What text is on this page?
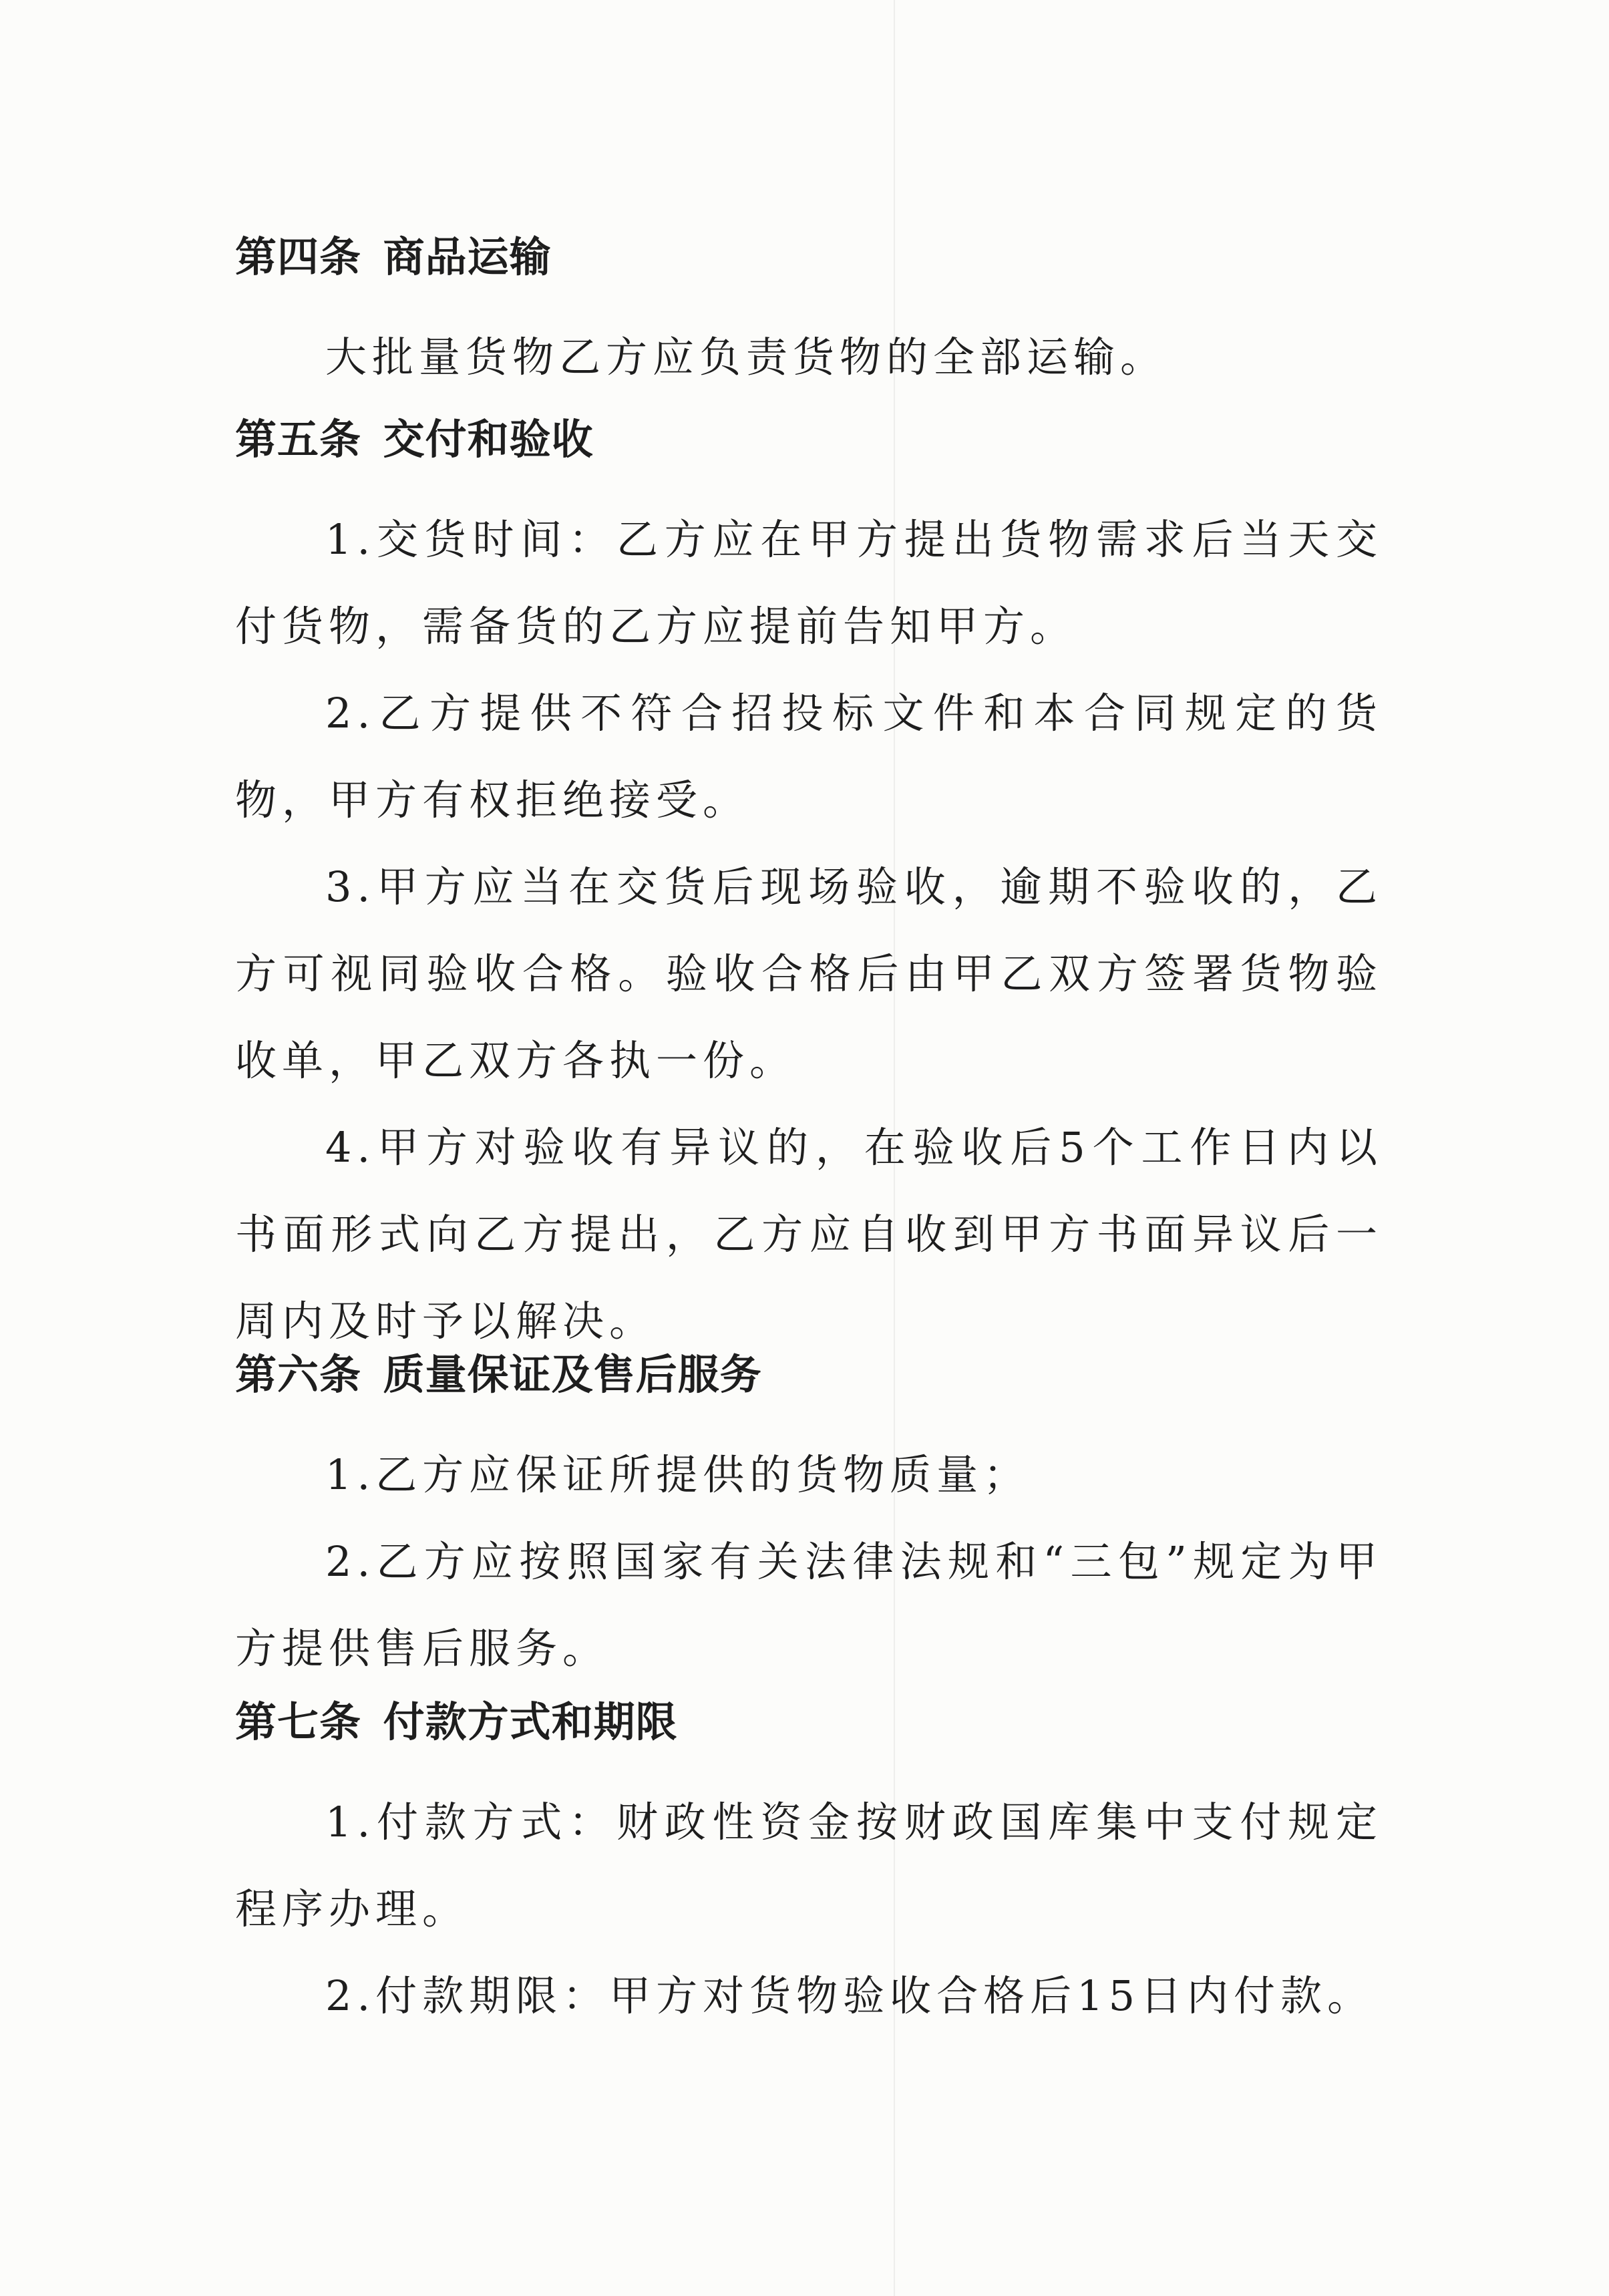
第四条 商品运输

大批量货物乙方应负责货物的全部运输。

第五条 交付和验收

1.交货时间：乙方应在甲方提出货物需求后当天交付货物，需备货的乙方应提前告知甲方。

2.乙方提供不符合招投标文件和本合同规定的货物，甲方有权拒绝接受。

3.甲方应当在交货后现场验收，逾期不验收的，乙方可视同验收合格。验收合格后由甲乙双方签署货物验收单，甲乙双方各执一份。

4.甲方对验收有异议的，在验收后5个工作日内以书面形式向乙方提出，乙方应自收到甲方书面异议后一周内及时予以解决。

第六条 质量保证及售后服务

1.乙方应保证所提供的货物质量；

2.乙方应按照国家有关法律法规和“三包”规定为甲方提供售后服务。

第七条 付款方式和期限

1.付款方式：财政性资金按财政国库集中支付规定程序办理。

2.付款期限：甲方对货物验收合格后15日内付款。
